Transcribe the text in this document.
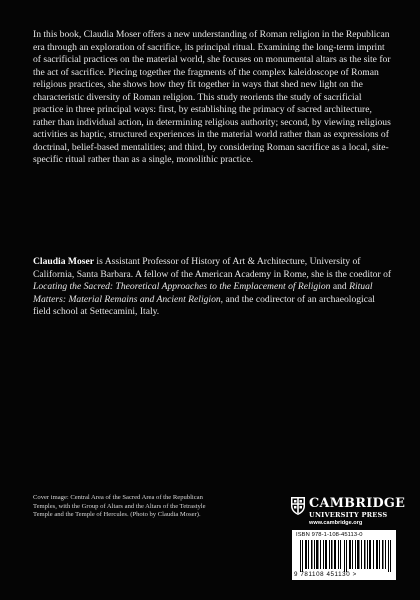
In this book, Claudia Moser offers a new understanding of Roman religion in the Republican era through an exploration of sacrifice, its principal ritual. Examining the long-term imprint of sacrificial practices on the material world, she focuses on monumental altars as the site for the act of sacrifice. Piecing together the fragments of the complex kaleidoscope of Roman religious practices, she shows how they fit together in ways that shed new light on the characteristic diversity of Roman religion. This study reorients the study of sacrificial practice in three principal ways: first, by establishing the primacy of sacred architecture, rather than individual action, in determining religious authority; second, by viewing religious activities as haptic, structured experiences in the material world rather than as expressions of doctrinal, belief-based mentalities; and third, by considering Roman sacrifice as a local, site-specific ritual rather than as a single, monolithic practice.

Claudia Moser is Assistant Professor of History of Art & Architecture, University of California, Santa Barbara. A fellow of the American Academy in Rome, she is the coeditor of Locating the Sacred: Theoretical Approaches to the Emplacement of Religion and Ritual Matters: Material Remains and Ancient Religion, and the codirector of an archaeological field school at Settecamini, Italy.

Cover image: Central Area of the Sacred Area of the Republican Temples, with the Group of Altars and the Altars of the Tetrastyle Temple and the Temple of Hercules. (Photo by Claudia Moser).
CAMBRIDGE
UNIVERSITY PRESS
www.cambridge.org
ISBN 978-1-108-45113-0
9 781108 451130 >
